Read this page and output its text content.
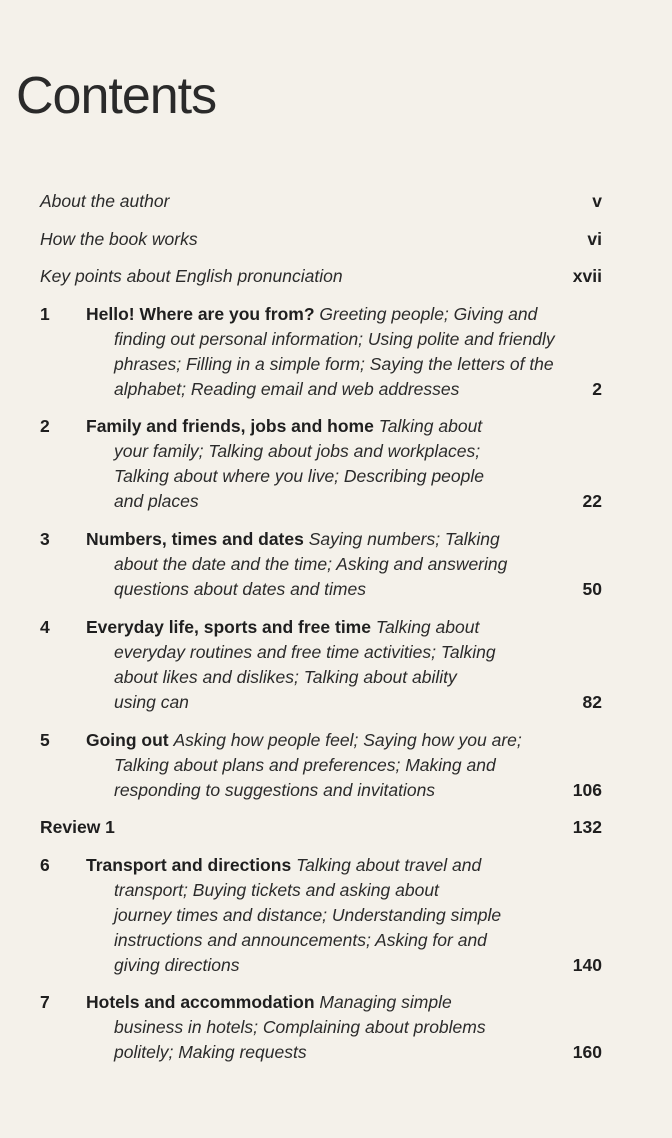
Contents
About the author	v
How the book works	vi
Key points about English pronunciation	xvii
1 Hello! Where are you from? Greeting people; Giving and
finding out personal information; Using polite and friendly
phrases; Filling in a simple form; Saying the letters of the
alphabet; Reading email and web addresses	2
2 Family and friends, jobs and home Talking about
your family; Talking about jobs and workplaces;
Talking about where you live; Describing people
and places	22
3 Numbers, times and dates Saying numbers; Talking
about the date and the time; Asking and answering
questions about dates and times	50
4 Everyday life, sports and free time Talking about
everyday routines and free time activities; Talking
about likes and dislikes; Talking about ability
using can	82
5 Going out Asking how people feel; Saying how you are;
Talking about plans and preferences; Making and
responding to suggestions and invitations	106
Review 1	132
6 Transport and directions Talking about travel and
transport; Buying tickets and asking about
journey times and distance; Understanding simple
instructions and announcements; Asking for and
giving directions	140
7 Hotels and accommodation Managing simple
business in hotels; Complaining about problems
politely; Making requests	160
